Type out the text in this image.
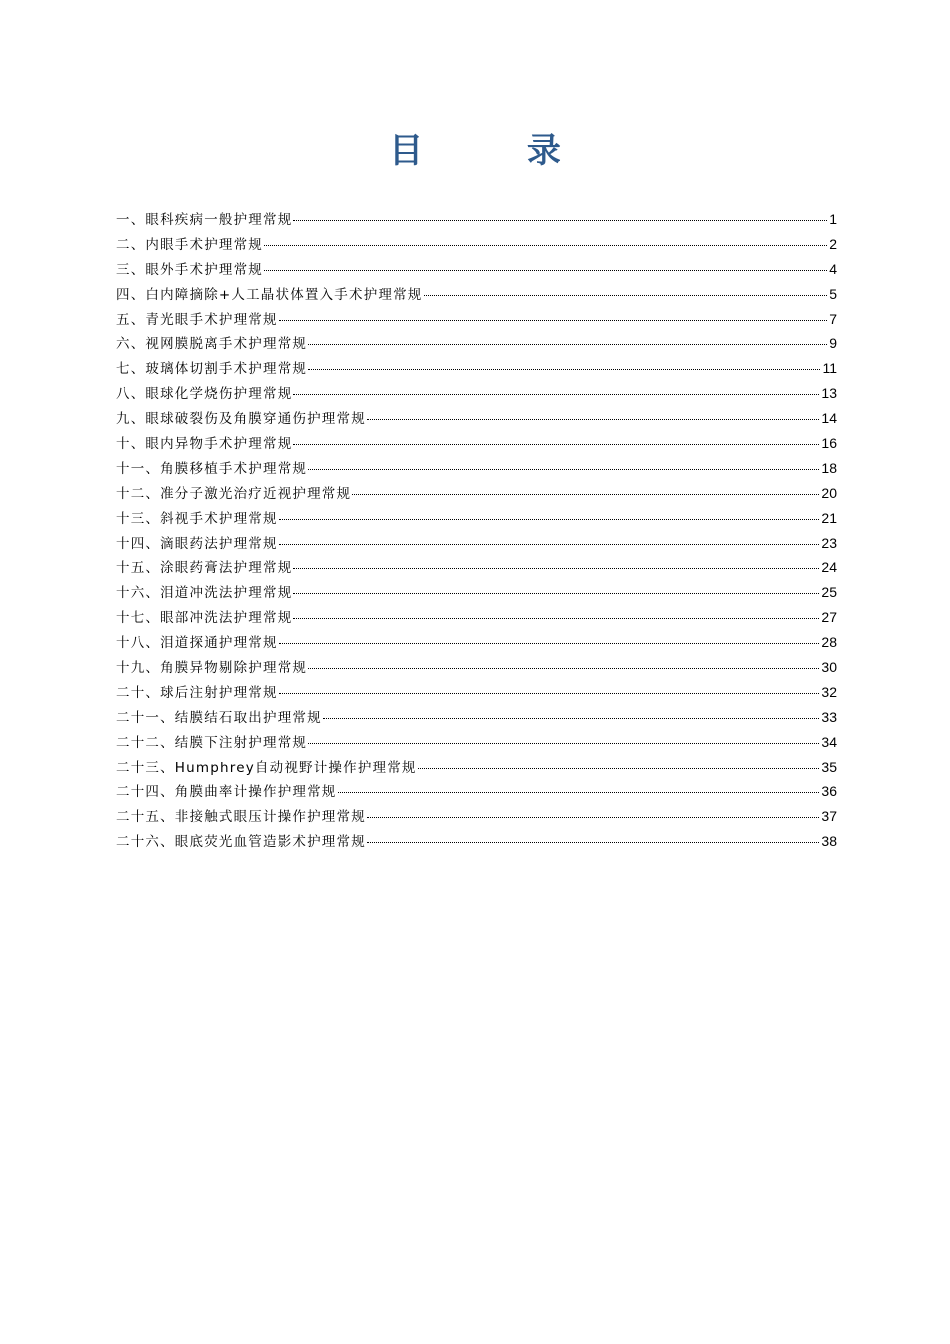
目 录
一、眼科疾病一般护理常规	1
二、内眼手术护理常规	2
三、眼外手术护理常规	4
四、白内障摘除+人工晶状体置入手术护理常规	5
五、青光眼手术护理常规	7
六、视网膜脱离手术护理常规	9
七、玻璃体切割手术护理常规	11
八、眼球化学烧伤护理常规	13
九、眼球破裂伤及角膜穿通伤护理常规	14
十、眼内异物手术护理常规	16
十一、角膜移植手术护理常规	18
十二、准分子激光治疗近视护理常规	20
十三、斜视手术护理常规	21
十四、滴眼药法护理常规	23
十五、涂眼药膏法护理常规	24
十六、泪道冲洗法护理常规	25
十七、眼部冲洗法护理常规	27
十八、泪道探通护理常规	28
十九、角膜异物剔除护理常规	30
二十、球后注射护理常规	32
二十一、结膜结石取出护理常规	33
二十二、结膜下注射护理常规	34
二十三、Humphrey自动视野计操作护理常规	35
二十四、角膜曲率计操作护理常规	36
二十五、非接触式眼压计操作护理常规	37
二十六、眼底荧光血管造影术护理常规	38
